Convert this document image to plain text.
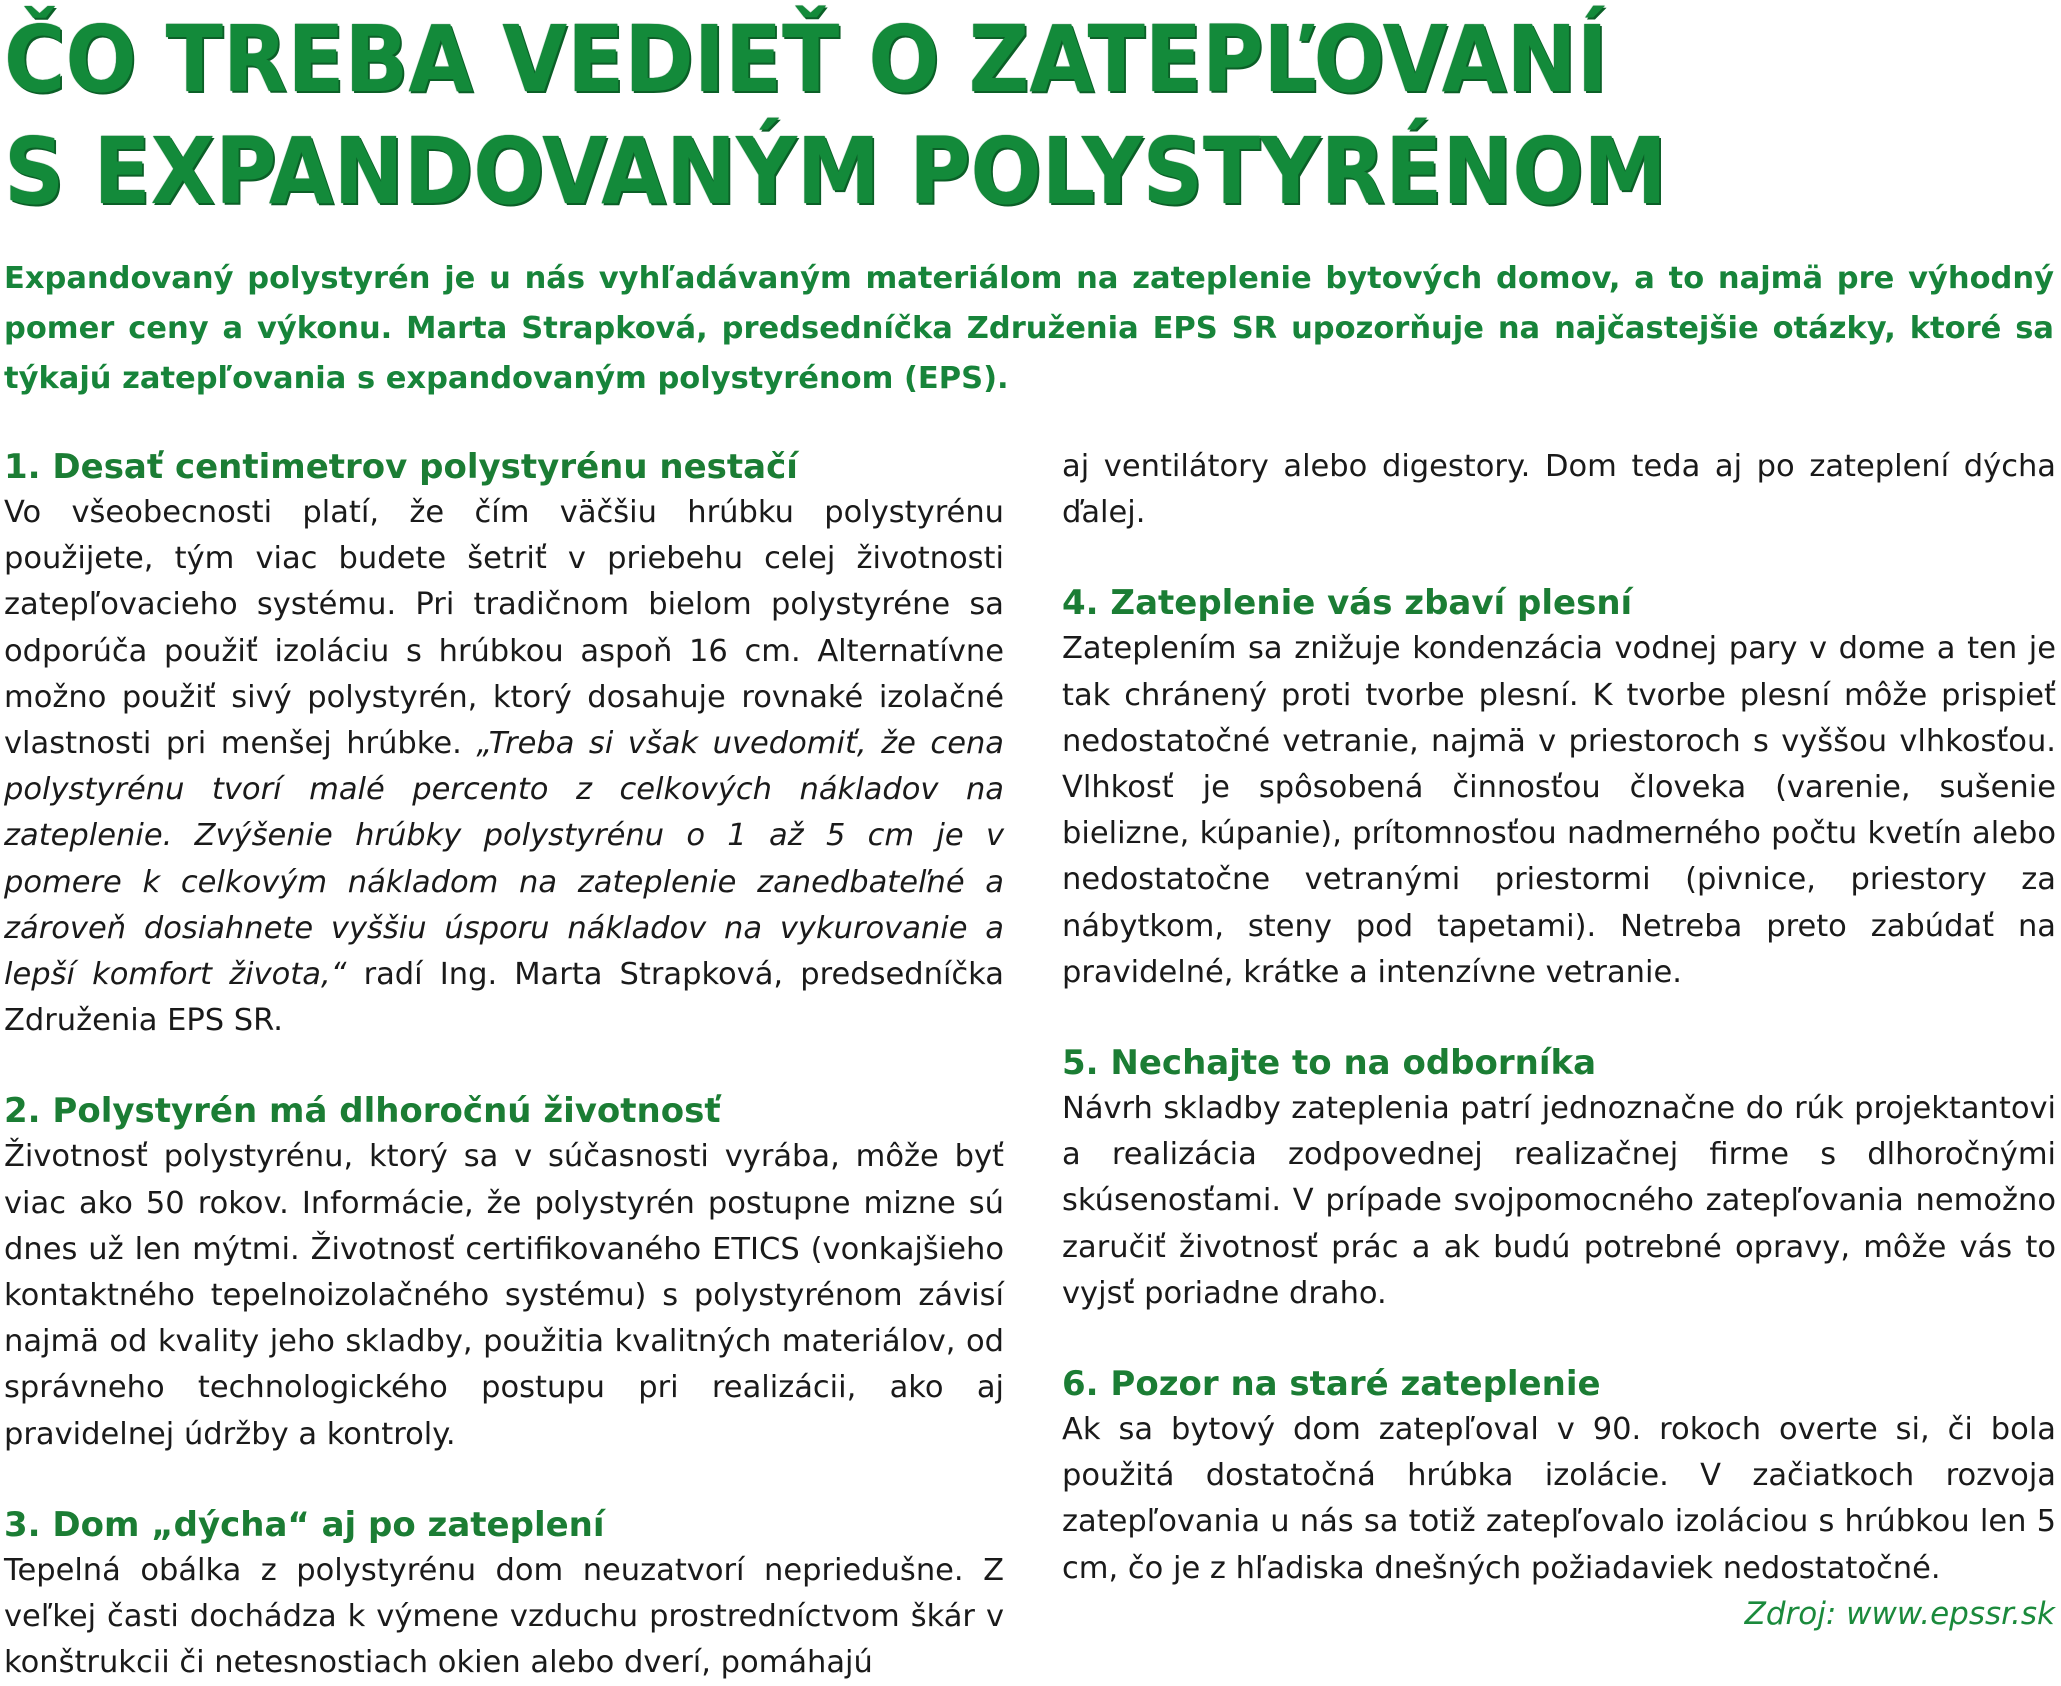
ČO TREBA VEDIEŤ O ZATEPĽOVANÍ
S EXPANDOVANÝM POLYSTYRÉNOM

Expandovaný polystyrén je u nás vyhľadávaným materiálom na zateplenie bytových domov, a to najmä pre výhodný pomer ceny a výkonu. Marta Strapková, predsedníčka Združenia EPS SR upozorňuje na najčastejšie otázky, ktoré sa týkajú zatepľovania s expandovaným polystyrénom (EPS).

1. Desať centimetrov polystyrénu nestačí

Vo všeobecnosti platí, že čím väčšiu hrúbku polystyrénu použijete, tým viac budete šetriť v priebehu celej životnosti zatepľovacieho systému. Pri tradičnom bielom polystyréne sa odporúča použiť izoláciu s hrúbkou aspoň 16 cm. Alternatívne možno použiť sivý polystyrén, ktorý dosahuje rovnaké izolačné vlastnosti pri menšej hrúbke. „Treba si však uvedomiť, že cena polystyrénu tvorí malé percento z celkových nákladov na zateplenie. Zvýšenie hrúbky polystyrénu o 1 až 5 cm je v pomere k celkovým nákladom na zateplenie zanedbateľné a zároveň dosiahnete vyššiu úsporu nákladov na vykurovanie a lepší komfort života,“ radí Ing. Marta Strapková, predsedníčka Združenia EPS SR.

2. Polystyrén má dlhoročnú životnosť

Životnosť polystyrénu, ktorý sa v súčasnosti vyrába, môže byť viac ako 50 rokov. Informácie, že polystyrén postupne mizne sú dnes už len mýtmi. Životnosť certifikovaného ETICS (vonkajšieho kontaktného tepelnoizolačného systému) s polystyrénom závisí najmä od kvality jeho skladby, použitia kvalitných materiálov, od správneho technologického postupu pri realizácii, ako aj pravidelnej údržby a kontroly.

3. Dom „dýcha“ aj po zateplení

Tepelná obálka z polystyrénu dom neuzatvorí nepriedušne. Z veľkej časti dochádza k výmene vzduchu prostredníctvom škár v konštrukcii či netesnostiach okien alebo dverí, pomáhajú

aj ventilátory alebo digestory. Dom teda aj po zateplení dýcha ďalej.

4. Zateplenie vás zbaví plesní

Zateplením sa znižuje kondenzácia vodnej pary v dome a ten je tak chránený proti tvorbe plesní. K tvorbe plesní môže prispieť nedostatočné vetranie, najmä v priestoroch s vyššou vlhkosťou. Vlhkosť je spôsobená činnosťou človeka (varenie, sušenie bielizne, kúpanie), prítomnosťou nadmerného počtu kvetín alebo nedostatočne vetranými priestormi (pivnice, priestory za nábytkom, steny pod tapetami). Netreba preto zabúdať na pravidelné, krátke a intenzívne vetranie.

5. Nechajte to na odborníka

Návrh skladby zateplenia patrí jednoznačne do rúk projektantovi a realizácia zodpovednej realizačnej firme s dlhoročnými skúsenosťami. V prípade svojpomocného zatepľovania nemožno zaručiť životnosť prác a ak budú potrebné opravy, môže vás to vyjsť poriadne draho.

6. Pozor na staré zateplenie

Ak sa bytový dom zatepľoval v 90. rokoch overte si, či bola použitá dostatočná hrúbka izolácie. V začiatkoch rozvoja zatepľovania u nás sa totiž zatepľovalo izoláciou s hrúbkou len 5 cm, čo je z hľadiska dnešných požiadaviek nedostatočné.

Zdroj: www.epssr.sk
